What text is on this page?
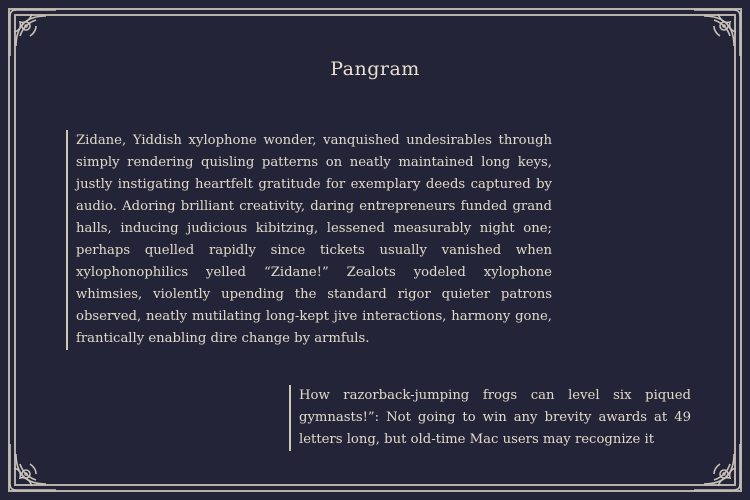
Pangram

Zidane, Yiddish xylophone wonder, vanquished undesirables through simply rendering quisling patterns on neatly maintained long keys, justly instigating heartfelt gratitude for exemplary deeds captured by audio. Adoring brilliant creativity, daring entrepreneurs funded grand halls, inducing judicious kibitzing, lessened measurably night one; perhaps quelled rapidly since tickets usually vanished when xylophonophilics yelled “Zidane!” Zealots yodeled xylophone whimsies, violently upending the standard rigor quieter patrons observed, neatly mutilating long-kept jive interactions, harmony gone, frantically enabling dire change by armfuls.

How razorback-jumping frogs can level six piqued gymnasts!”: Not going to win any brevity awards at 49 letters long, but old-time Mac users may recognize it
